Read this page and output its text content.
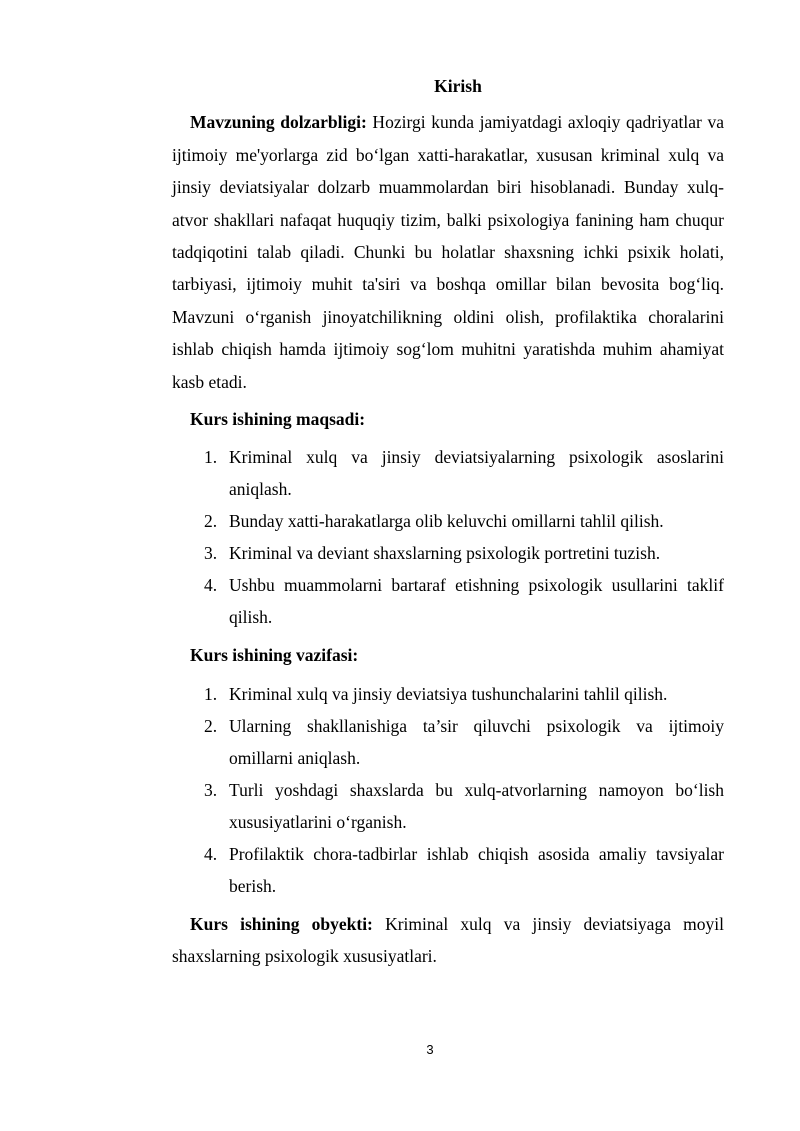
Kirish

Mavzuning dolzarbligi: Hozirgi kunda jamiyatdagi axloqiy qadriyatlar va ijtimoiy me'yorlarga zid boʻlgan xatti-harakatlar, xususan kriminal xulq va jinsiy deviatsiyalar dolzarb muammolardan biri hisoblanadi. Bunday xulq-atvor shakllari nafaqat huquqiy tizim, balki psixologiya fanining ham chuqur tadqiqotini talab qiladi. Chunki bu holatlar shaxsning ichki psixik holati, tarbiyasi, ijtimoiy muhit ta'siri va boshqa omillar bilan bevosita bogʻliq. Mavzuni oʻrganish jinoyatchilikning oldini olish, profilaktika choralarini ishlab chiqish hamda ijtimoiy sogʻlom muhitni yaratishda muhim ahamiyat kasb etadi.

Kurs ishining maqsadi:
1. Kriminal xulq va jinsiy deviatsiyalarning psixologik asoslarini aniqlash.
2. Bunday xatti-harakatlarga olib keluvchi omillarni tahlil qilish.
3. Kriminal va deviant shaxslarning psixologik portretini tuzish.
4. Ushbu muammolarni bartaraf etishning psixologik usullarini taklif qilish.
Kurs ishining vazifasi:
1. Kriminal xulq va jinsiy deviatsiya tushunchalarini tahlil qilish.
2. Ularning shakllanishiga ta’sir qiluvchi psixologik va ijtimoiy omillarni aniqlash.
3. Turli yoshdagi shaxslarda bu xulq-atvorlarning namoyon boʻlish xususiyatlarini oʻrganish.
4. Profilaktik chora-tadbirlar ishlab chiqish asosida amaliy tavsiyalar berish.

Kurs ishining obyekti: Kriminal xulq va jinsiy deviatsiyaga moyil shaxslarning psixologik xususiyatlari.

3
